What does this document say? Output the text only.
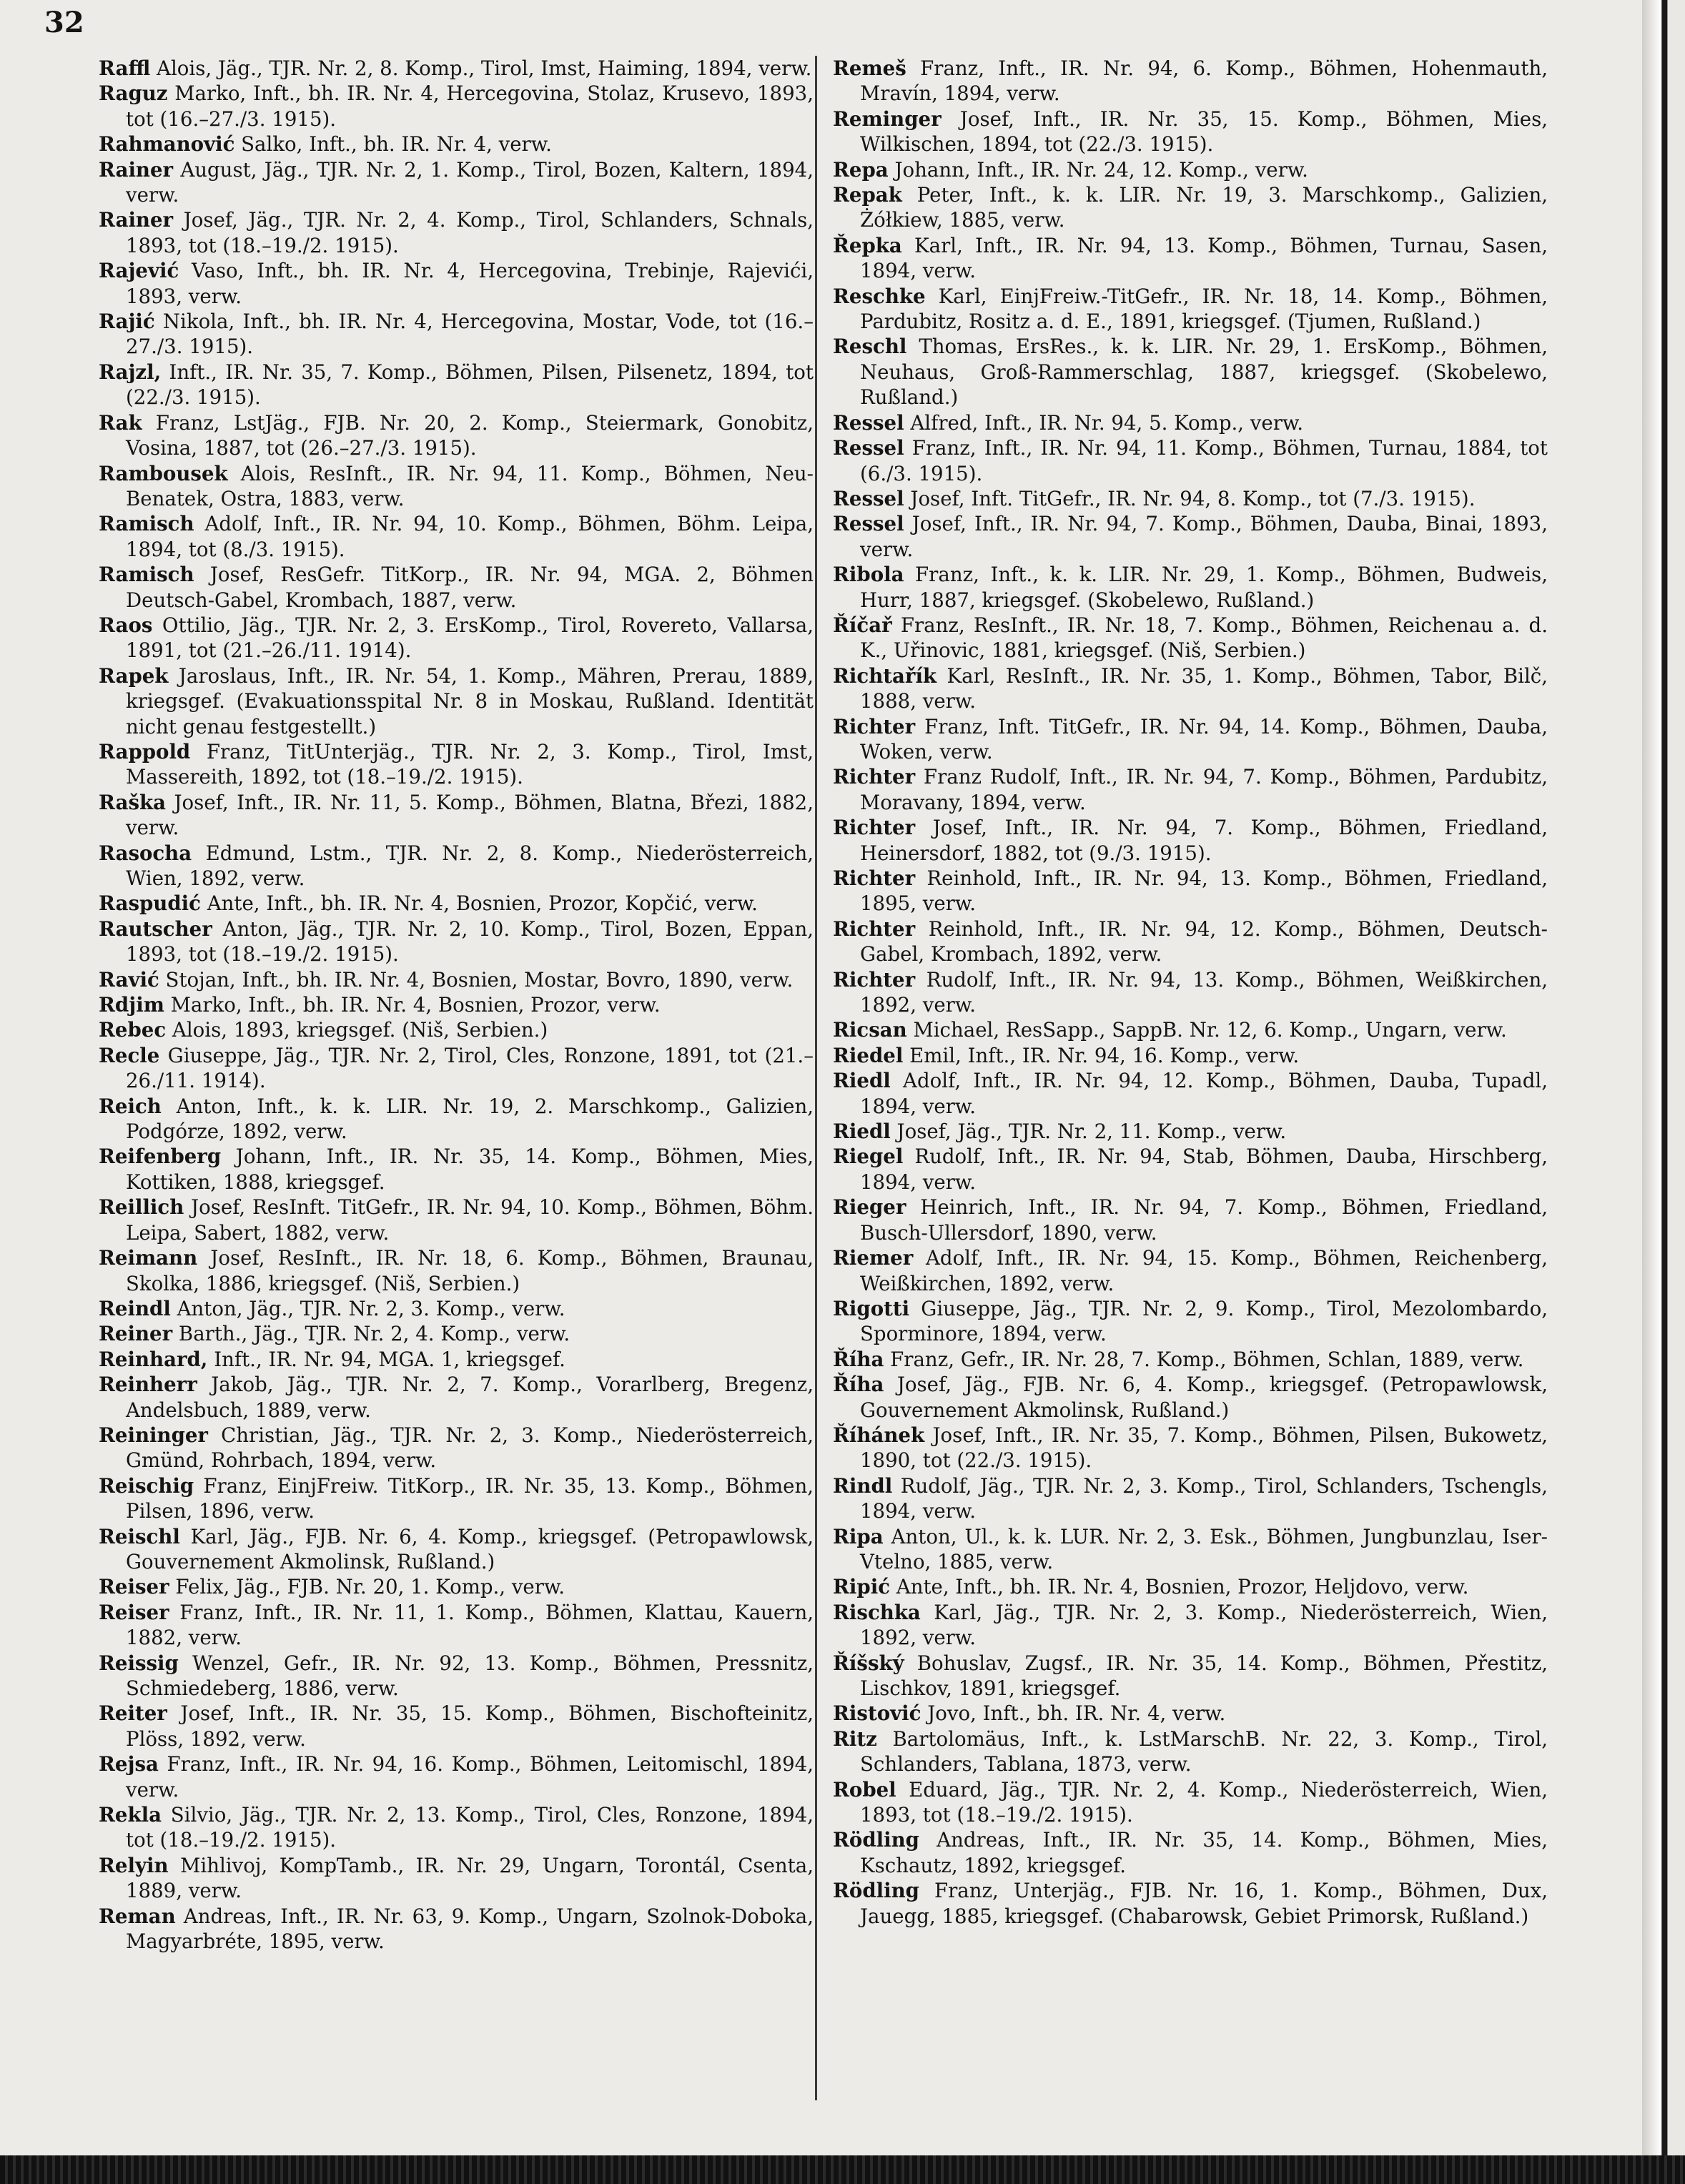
32

Raffl Alois, Jäg., TJR. Nr. 2, 8. Komp., Tirol, Imst, Haiming, 1894, verw.

Raguz Marko, Inft., bh. IR. Nr. 4, Hercegovina, Stolaz, Krusevo, 1893, tot (16.–27./3. 1915).

Rahmanović Salko, Inft., bh. IR. Nr. 4, verw.

Rainer August, Jäg., TJR. Nr. 2, 1. Komp., Tirol, Bozen, Kaltern, 1894, verw.

Rainer Josef, Jäg., TJR. Nr. 2, 4. Komp., Tirol, Schlanders, Schnals, 1893, tot (18.–19./2. 1915).

Rajević Vaso, Inft., bh. IR. Nr. 4, Hercegovina, Trebinje, Rajevići, 1893, verw.

Rajić Nikola, Inft., bh. IR. Nr. 4, Hercegovina, Mostar, Vode, tot (16.–27./3. 1915).

Rajzl, Inft., IR. Nr. 35, 7. Komp., Böhmen, Pilsen, Pilsenetz, 1894, tot (22./3. 1915).

Rak Franz, LstJäg., FJB. Nr. 20, 2. Komp., Steiermark, Gonobitz, Vosina, 1887, tot (26.–27./3. 1915).

Rambousek Alois, ResInft., IR. Nr. 94, 11. Komp., Böhmen, Neu-Benatek, Ostra, 1883, verw.

Ramisch Adolf, Inft., IR. Nr. 94, 10. Komp., Böhmen, Böhm. Leipa, 1894, tot (8./3. 1915).

Ramisch Josef, ResGefr. TitKorp., IR. Nr. 94, MGA. 2, Böhmen Deutsch-Gabel, Krombach, 1887, verw.

Raos Ottilio, Jäg., TJR. Nr. 2, 3. ErsKomp., Tirol, Rovereto, Vallarsa, 1891, tot (21.–26./11. 1914).

Rapek Jaroslaus, Inft., IR. Nr. 54, 1. Komp., Mähren, Prerau, 1889, kriegsgef. (Evakuationsspital Nr. 8 in Moskau, Rußland. Identität nicht genau festgestellt.)

Rappold Franz, TitUnterjäg., TJR. Nr. 2, 3. Komp., Tirol, Imst, Massereith, 1892, tot (18.–19./2. 1915).

Raška Josef, Inft., IR. Nr. 11, 5. Komp., Böhmen, Blatna, Březi, 1882, verw.

Rasocha Edmund, Lstm., TJR. Nr. 2, 8. Komp., Niederösterreich, Wien, 1892, verw.

Raspudić Ante, Inft., bh. IR. Nr. 4, Bosnien, Prozor, Kopčić, verw.

Rautscher Anton, Jäg., TJR. Nr. 2, 10. Komp., Tirol, Bozen, Eppan, 1893, tot (18.–19./2. 1915).

Ravić Stojan, Inft., bh. IR. Nr. 4, Bosnien, Mostar, Bovro, 1890, verw.

Rdjim Marko, Inft., bh. IR. Nr. 4, Bosnien, Prozor, verw.

Rebec Alois, 1893, kriegsgef. (Niš, Serbien.)

Recle Giuseppe, Jäg., TJR. Nr. 2, Tirol, Cles, Ronzone, 1891, tot (21.–26./11. 1914).

Reich Anton, Inft., k. k. LIR. Nr. 19, 2. Marschkomp., Galizien, Podgórze, 1892, verw.

Reifenberg Johann, Inft., IR. Nr. 35, 14. Komp., Böhmen, Mies, Kottiken, 1888, kriegsgef.

Reillich Josef, ResInft. TitGefr., IR. Nr. 94, 10. Komp., Böhmen, Böhm. Leipa, Sabert, 1882, verw.

Reimann Josef, ResInft., IR. Nr. 18, 6. Komp., Böhmen, Braunau, Skolka, 1886, kriegsgef. (Niš, Serbien.)

Reindl Anton, Jäg., TJR. Nr. 2, 3. Komp., verw.

Reiner Barth., Jäg., TJR. Nr. 2, 4. Komp., verw.

Reinhard, Inft., IR. Nr. 94, MGA. 1, kriegsgef.

Reinherr Jakob, Jäg., TJR. Nr. 2, 7. Komp., Vorarlberg, Bregenz, Andelsbuch, 1889, verw.

Reininger Christian, Jäg., TJR. Nr. 2, 3. Komp., Niederösterreich, Gmünd, Rohrbach, 1894, verw.

Reischig Franz, EinjFreiw. TitKorp., IR. Nr. 35, 13. Komp., Böhmen, Pilsen, 1896, verw.

Reischl Karl, Jäg., FJB. Nr. 6, 4. Komp., kriegsgef. (Petropawlowsk, Gouvernement Akmolinsk, Rußland.)

Reiser Felix, Jäg., FJB. Nr. 20, 1. Komp., verw.

Reiser Franz, Inft., IR. Nr. 11, 1. Komp., Böhmen, Klattau, Kauern, 1882, verw.

Reissig Wenzel, Gefr., IR. Nr. 92, 13. Komp., Böhmen, Pressnitz, Schmiedeberg, 1886, verw.

Reiter Josef, Inft., IR. Nr. 35, 15. Komp., Böhmen, Bischofteinitz, Plöss, 1892, verw.

Rejsa Franz, Inft., IR. Nr. 94, 16. Komp., Böhmen, Leitomischl, 1894, verw.

Rekla Silvio, Jäg., TJR. Nr. 2, 13. Komp., Tirol, Cles, Ronzone, 1894, tot (18.–19./2. 1915).

Relyin Mihlivoj, KompTamb., IR. Nr. 29, Ungarn, Torontál, Csenta, 1889, verw.

Reman Andreas, Inft., IR. Nr. 63, 9. Komp., Ungarn, Szolnok-Doboka, Magyarbréte, 1895, verw.

Remeš Franz, Inft., IR. Nr. 94, 6. Komp., Böhmen, Hohenmauth, Mravín, 1894, verw.

Reminger Josef, Inft., IR. Nr. 35, 15. Komp., Böhmen, Mies, Wilkischen, 1894, tot (22./3. 1915).

Repa Johann, Inft., IR. Nr. 24, 12. Komp., verw.

Repak Peter, Inft., k. k. LIR. Nr. 19, 3. Marschkomp., Galizien, Żółkiew, 1885, verw.

Řepka Karl, Inft., IR. Nr. 94, 13. Komp., Böhmen, Turnau, Sasen, 1894, verw.

Reschke Karl, EinjFreiw.-TitGefr., IR. Nr. 18, 14. Komp., Böhmen, Pardubitz, Rositz a. d. E., 1891, kriegsgef. (Tjumen, Rußland.)

Reschl Thomas, ErsRes., k. k. LIR. Nr. 29, 1. ErsKomp., Böhmen, Neuhaus, Groß-Rammerschlag, 1887, kriegsgef. (Skobelewo, Rußland.)

Ressel Alfred, Inft., IR. Nr. 94, 5. Komp., verw.

Ressel Franz, Inft., IR. Nr. 94, 11. Komp., Böhmen, Turnau, 1884, tot (6./3. 1915).

Ressel Josef, Inft. TitGefr., IR. Nr. 94, 8. Komp., tot (7./3. 1915).

Ressel Josef, Inft., IR. Nr. 94, 7. Komp., Böhmen, Dauba, Binai, 1893, verw.

Ribola Franz, Inft., k. k. LIR. Nr. 29, 1. Komp., Böhmen, Budweis, Hurr, 1887, kriegsgef. (Skobelewo, Rußland.)

Říčař Franz, ResInft., IR. Nr. 18, 7. Komp., Böhmen, Reichenau a. d. K., Uřinovic, 1881, kriegsgef. (Niš, Serbien.)

Richtařík Karl, ResInft., IR. Nr. 35, 1. Komp., Böhmen, Tabor, Bilč, 1888, verw.

Richter Franz, Inft. TitGefr., IR. Nr. 94, 14. Komp., Böhmen, Dauba, Woken, verw.

Richter Franz Rudolf, Inft., IR. Nr. 94, 7. Komp., Böhmen, Pardubitz, Moravany, 1894, verw.

Richter Josef, Inft., IR. Nr. 94, 7. Komp., Böhmen, Friedland, Heinersdorf, 1882, tot (9./3. 1915).

Richter Reinhold, Inft., IR. Nr. 94, 13. Komp., Böhmen, Friedland, 1895, verw.

Richter Reinhold, Inft., IR. Nr. 94, 12. Komp., Böhmen, Deutsch-Gabel, Krombach, 1892, verw.

Richter Rudolf, Inft., IR. Nr. 94, 13. Komp., Böhmen, Weißkirchen, 1892, verw.

Ricsan Michael, ResSapp., SappB. Nr. 12, 6. Komp., Ungarn, verw.

Riedel Emil, Inft., IR. Nr. 94, 16. Komp., verw.

Riedl Adolf, Inft., IR. Nr. 94, 12. Komp., Böhmen, Dauba, Tupadl, 1894, verw.

Riedl Josef, Jäg., TJR. Nr. 2, 11. Komp., verw.

Riegel Rudolf, Inft., IR. Nr. 94, Stab, Böhmen, Dauba, Hirschberg, 1894, verw.

Rieger Heinrich, Inft., IR. Nr. 94, 7. Komp., Böhmen, Friedland, Busch-Ullersdorf, 1890, verw.

Riemer Adolf, Inft., IR. Nr. 94, 15. Komp., Böhmen, Reichenberg, Weißkirchen, 1892, verw.

Rigotti Giuseppe, Jäg., TJR. Nr. 2, 9. Komp., Tirol, Mezolombardo, Sporminore, 1894, verw.

Říha Franz, Gefr., IR. Nr. 28, 7. Komp., Böhmen, Schlan, 1889, verw.

Říha Josef, Jäg., FJB. Nr. 6, 4. Komp., kriegsgef. (Petropawlowsk, Gouvernement Akmolinsk, Rußland.)

Říhánek Josef, Inft., IR. Nr. 35, 7. Komp., Böhmen, Pilsen, Bukowetz, 1890, tot (22./3. 1915).

Rindl Rudolf, Jäg., TJR. Nr. 2, 3. Komp., Tirol, Schlanders, Tschengls, 1894, verw.

Ripa Anton, Ul., k. k. LUR. Nr. 2, 3. Esk., Böhmen, Jungbunzlau, Iser-Vtelno, 1885, verw.

Ripić Ante, Inft., bh. IR. Nr. 4, Bosnien, Prozor, Heljdovo, verw.

Rischka Karl, Jäg., TJR. Nr. 2, 3. Komp., Niederösterreich, Wien, 1892, verw.

Říšský Bohuslav, Zugsf., IR. Nr. 35, 14. Komp., Böhmen, Přestitz, Lischkov, 1891, kriegsgef.

Ristović Jovo, Inft., bh. IR. Nr. 4, verw.

Ritz Bartolomäus, Inft., k. LstMarschB. Nr. 22, 3. Komp., Tirol, Schlanders, Tablana, 1873, verw.

Robel Eduard, Jäg., TJR. Nr. 2, 4. Komp., Niederösterreich, Wien, 1893, tot (18.–19./2. 1915).

Rödling Andreas, Inft., IR. Nr. 35, 14. Komp., Böhmen, Mies, Kschautz, 1892, kriegsgef.

Rödling Franz, Unterjäg., FJB. Nr. 16, 1. Komp., Böhmen, Dux, Jauegg, 1885, kriegsgef. (Chabarowsk, Gebiet Primorsk, Rußland.)
